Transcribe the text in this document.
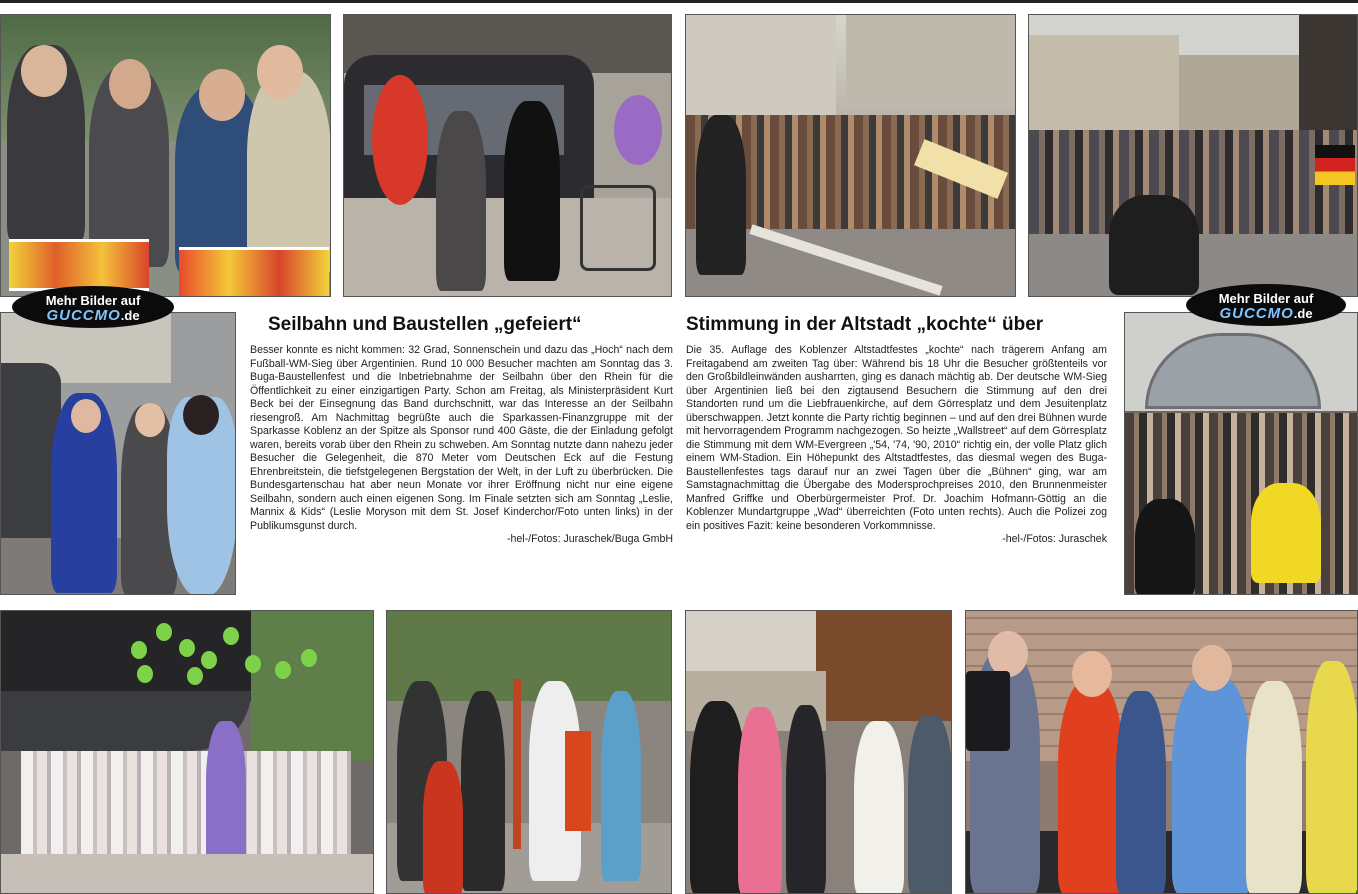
Mehr Bilder auf
GUCCMO.de
Mehr Bilder auf
GUCCMO.de
Seilbahn und Baustellen „gefeiert“
Besser konnte es nicht kommen: 32 Grad, Sonnenschein und dazu das „Hoch“ nach dem Fußball-WM-Sieg über Argentinien. Rund 10 000 Besucher machten am Sonntag das 3. Buga-Baustellenfest und die Inbetriebnahme der Seilbahn über den Rhein für die Öffentlichkeit zu einer einzigartigen Party. Schon am Freitag, als Ministerpräsident Kurt Beck bei der Einsegnung das Band durchschnitt, war das Interesse an der Seilbahn riesengroß. Am Nachmittag begrüßte auch die Sparkassen-Finanzgruppe mit der Sparkasse Koblenz an der Spitze als Sponsor rund 400 Gäste, die der Einladung gefolgt waren, bereits vorab über den Rhein zu schweben. Am Sonntag nutzte dann nahezu jeder Besucher die Gelegenheit, die 870 Meter vom Deutschen Eck auf die Festung Ehrenbreitstein, die tiefstgelegenen Bergstation der Welt, in der Luft zu überbrücken. Die Bundesgartenschau hat aber neun Monate vor ihrer Eröffnung nicht nur eine eigene Seilbahn, sondern auch einen eigenen Song. Im Finale setzten sich am Sonntag „Leslie, Mannix & Kids“ (Leslie Moryson mit dem St. Josef Kinderchor/Foto unten links) in der Publikumsgunst durch.
-hel-/Fotos: Juraschek/Buga GmbH
Stimmung in der Altstadt „kochte“ über
Die 35. Auflage des Koblenzer Altstadtfestes „kochte“ nach trägerem Anfang am Freitagabend am zweiten Tag über: Während bis 18 Uhr die Besucher größtenteils vor den Großbildleinwänden ausharrten, ging es danach mächtig ab. Der deutsche WM-Sieg über Argentinien ließ bei den zigtausend Besuchern die Stimmung auf den drei Standorten rund um die Liebfrauenkirche, auf dem Görresplatz und dem Jesuitenplatz überschwappen. Jetzt konnte die Party richtig beginnen – und auf den drei Bühnen wurde mit hervorragendem Programm nachgezogen. So heizte „Wallstreet“ auf dem Görresplatz die Stimmung mit dem WM-Evergreen „'54, '74, '90, 2010“ richtig ein, der volle Platz glich einem WM-Stadion. Ein Höhepunkt des Altstadtfestes, das diesmal wegen des Buga-Baustellenfestes tags darauf nur an zwei Tagen über die „Bühnen“ ging, war am Samstagnachmittag die Übergabe des Modersprochpreises 2010, den Brunnenmeister Manfred Griffke und Oberbürgermeister Prof. Dr. Joachim Hofmann-Göttig an die Koblenzer Mundartgruppe „Wad“ überreichten (Foto unten rechts). Auch die Polizei zog ein positives Fazit: keine besonderen Vorkommnisse.
-hel-/Fotos: Juraschek
